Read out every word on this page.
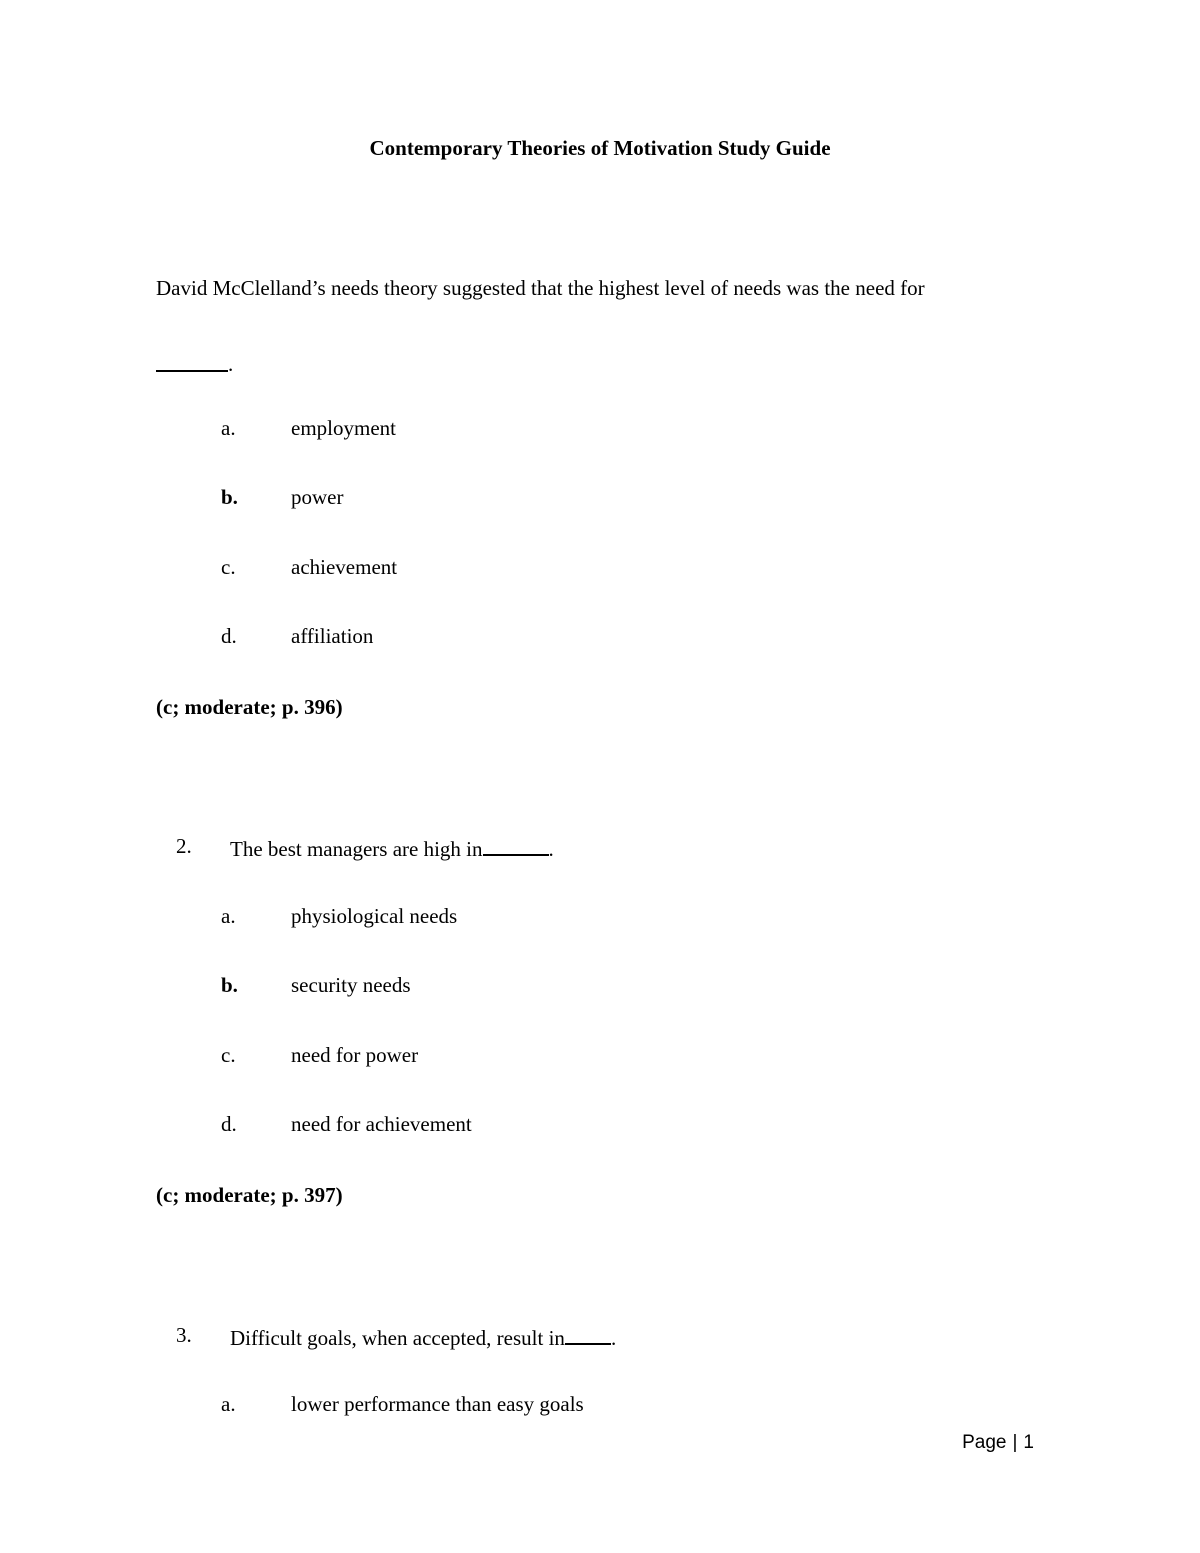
Contemporary Theories of Motivation Study Guide
David McClelland’s needs theory suggested that the highest level of needs was the need for
.
a.	employment
b.	power
c.	achievement
d.	affiliation
(c; moderate; p. 396)
2. The best managers are high in	.
a.	physiological needs
b.	security needs
c.	need for power
d.	need for achievement
(c; moderate; p. 397)
3. Difficult goals, when accepted, result in .
a.	lower performance than easy goals
Page | 1
